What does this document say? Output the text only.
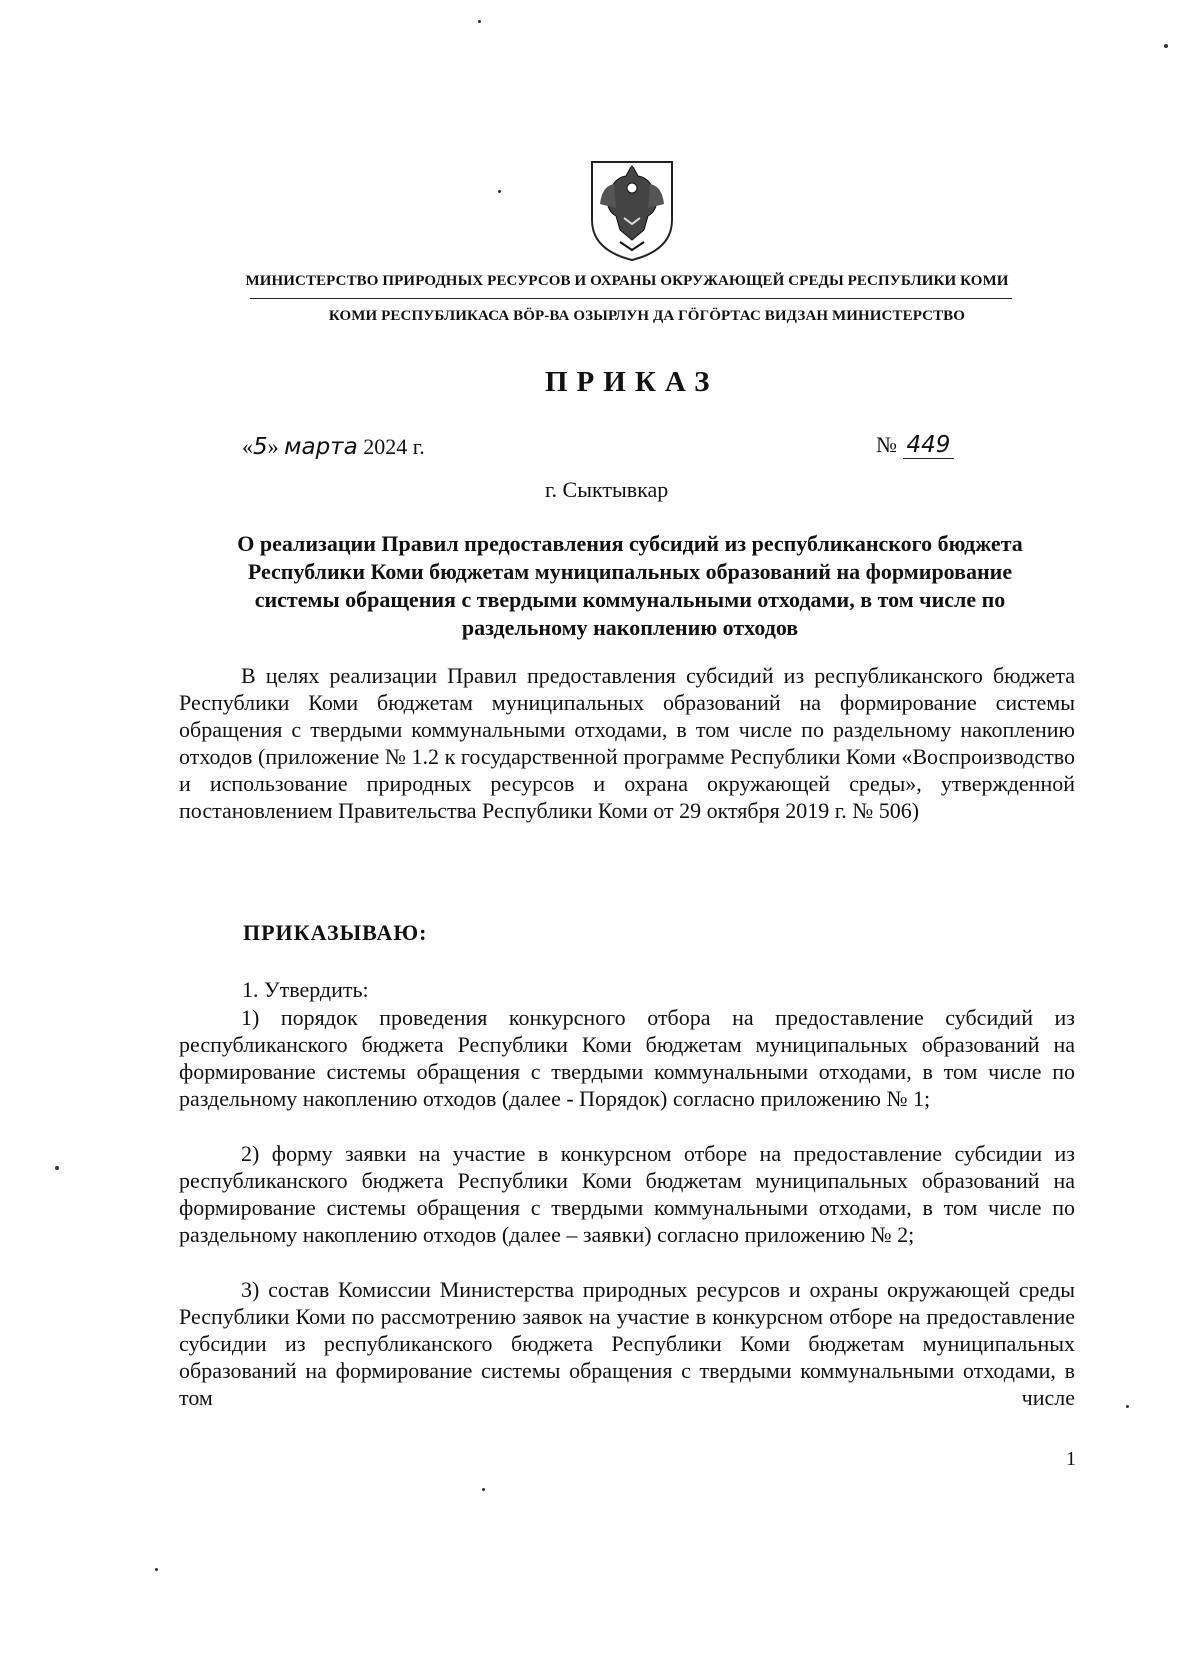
МИНИСТЕРСТВО ПРИРОДНЫХ РЕСУРСОВ И ОХРАНЫ ОКРУЖАЮЩЕЙ СРЕДЫ РЕСПУБЛИКИ КОМИ
КОМИ РЕСПУБЛИКАСА ВӦР-ВА ОЗЫРЛУН ДА ГӦГӦРТАС ВИДЗАН МИНИСТЕРСТВО
ПРИКАЗ
«5» марта 2024 г.	№ 449
г. Сыктывкар
О реализации Правил предоставления субсидий из республиканского бюджета Республики Коми бюджетам муниципальных образований на формирование системы обращения с твердыми коммунальными отходами, в том числе по раздельному накоплению отходов

В целях реализации Правил предоставления субсидий из республиканского бюджета Республики Коми бюджетам муниципальных образований на формирование системы обращения с твердыми коммунальными отходами, в том числе по раздельному накоплению отходов (приложение № 1.2 к государственной программе Республики Коми «Воспроизводство и использование природных ресурсов и охрана окружающей среды», утвержденной постановлением Правительства Республики Коми от 29 октября 2019 г. № 506)

ПРИКАЗЫВАЮ:
1. Утвердить:

1) порядок проведения конкурсного отбора на предоставление субсидий из республиканского бюджета Республики Коми бюджетам муниципальных образований на формирование системы обращения с твердыми коммунальными отходами, в том числе по раздельному накоплению отходов (далее - Порядок) согласно приложению № 1;

2) форму заявки на участие в конкурсном отборе на предоставление субсидии из республиканского бюджета Республики Коми бюджетам муниципальных образований на формирование системы обращения с твердыми коммунальными отходами, в том числе по раздельному накоплению отходов (далее – заявки) согласно приложению № 2;

3) состав Комиссии Министерства природных ресурсов и охраны окружающей среды Республики Коми по рассмотрению заявок на участие в конкурсном отборе на предоставление субсидии из республиканского бюджета Республики Коми бюджетам муниципальных образований на формирование системы обращения с твердыми коммунальными отходами, в том числе

1
